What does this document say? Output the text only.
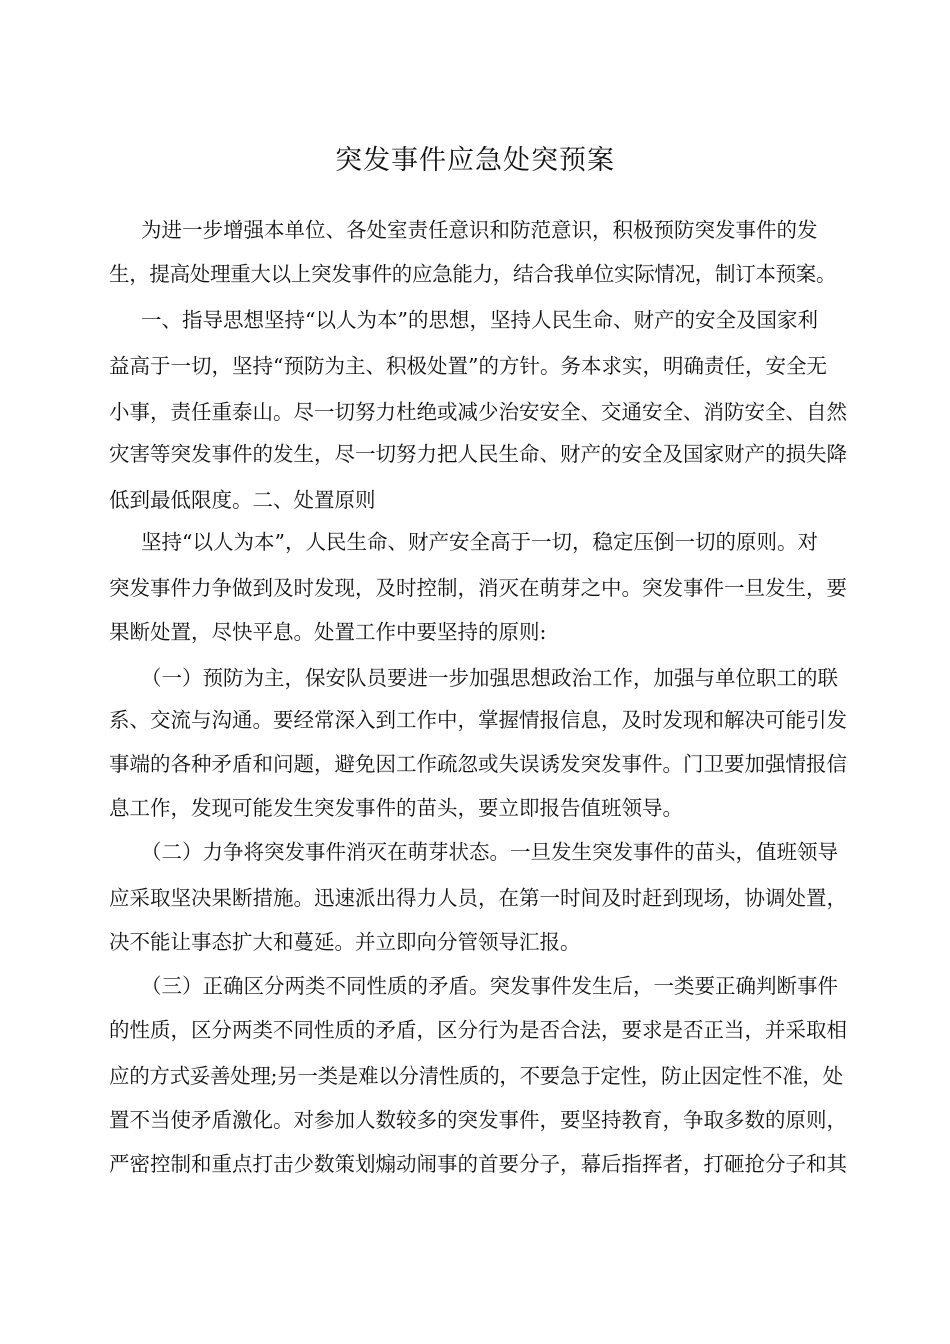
突发事件应急处突预案
为进一步增强本单位、各处室责任意识和防范意识，积极预防突发事件的发
生，提高处理重大以上突发事件的应急能力，结合我单位实际情况，制订本预案。
一、指导思想坚持“以人为本”的思想，坚持人民生命、财产的安全及国家利
益高于一切，坚持“预防为主、积极处置”的方针。务本求实，明确责任，安全无
小事，责任重泰山。尽一切努力杜绝或减少治安安全、交通安全、消防安全、自然
灾害等突发事件的发生，尽一切努力把人民生命、财产的安全及国家财产的损失降
低到最低限度。二、处置原则
坚持“以人为本”，人民生命、财产安全高于一切，稳定压倒一切的原则。对
突发事件力争做到及时发现，及时控制，消灭在萌芽之中。突发事件一旦发生，要
果断处置，尽快平息。处置工作中要坚持的原则:
（一）预防为主，保安队员要进一步加强思想政治工作，加强与单位职工的联
系、交流与沟通。要经常深入到工作中，掌握情报信息，及时发现和解决可能引发
事端的各种矛盾和问题，避免因工作疏忽或失误诱发突发事件。门卫要加强情报信
息工作，发现可能发生突发事件的苗头，要立即报告值班领导。
（二）力争将突发事件消灭在萌芽状态。一旦发生突发事件的苗头，值班领导
应采取坚决果断措施。迅速派出得力人员，在第一时间及时赶到现场，协调处置，
决不能让事态扩大和蔓延。并立即向分管领导汇报。
（三）正确区分两类不同性质的矛盾。突发事件发生后，一类要正确判断事件
的性质，区分两类不同性质的矛盾，区分行为是否合法，要求是否正当，并采取相
应的方式妥善处理;另一类是难以分清性质的，不要急于定性，防止因定性不准，处
置不当使矛盾激化。对参加人数较多的突发事件，要坚持教育，争取多数的原则，
严密控制和重点打击少数策划煽动闹事的首要分子，幕后指挥者，打砸抢分子和其
